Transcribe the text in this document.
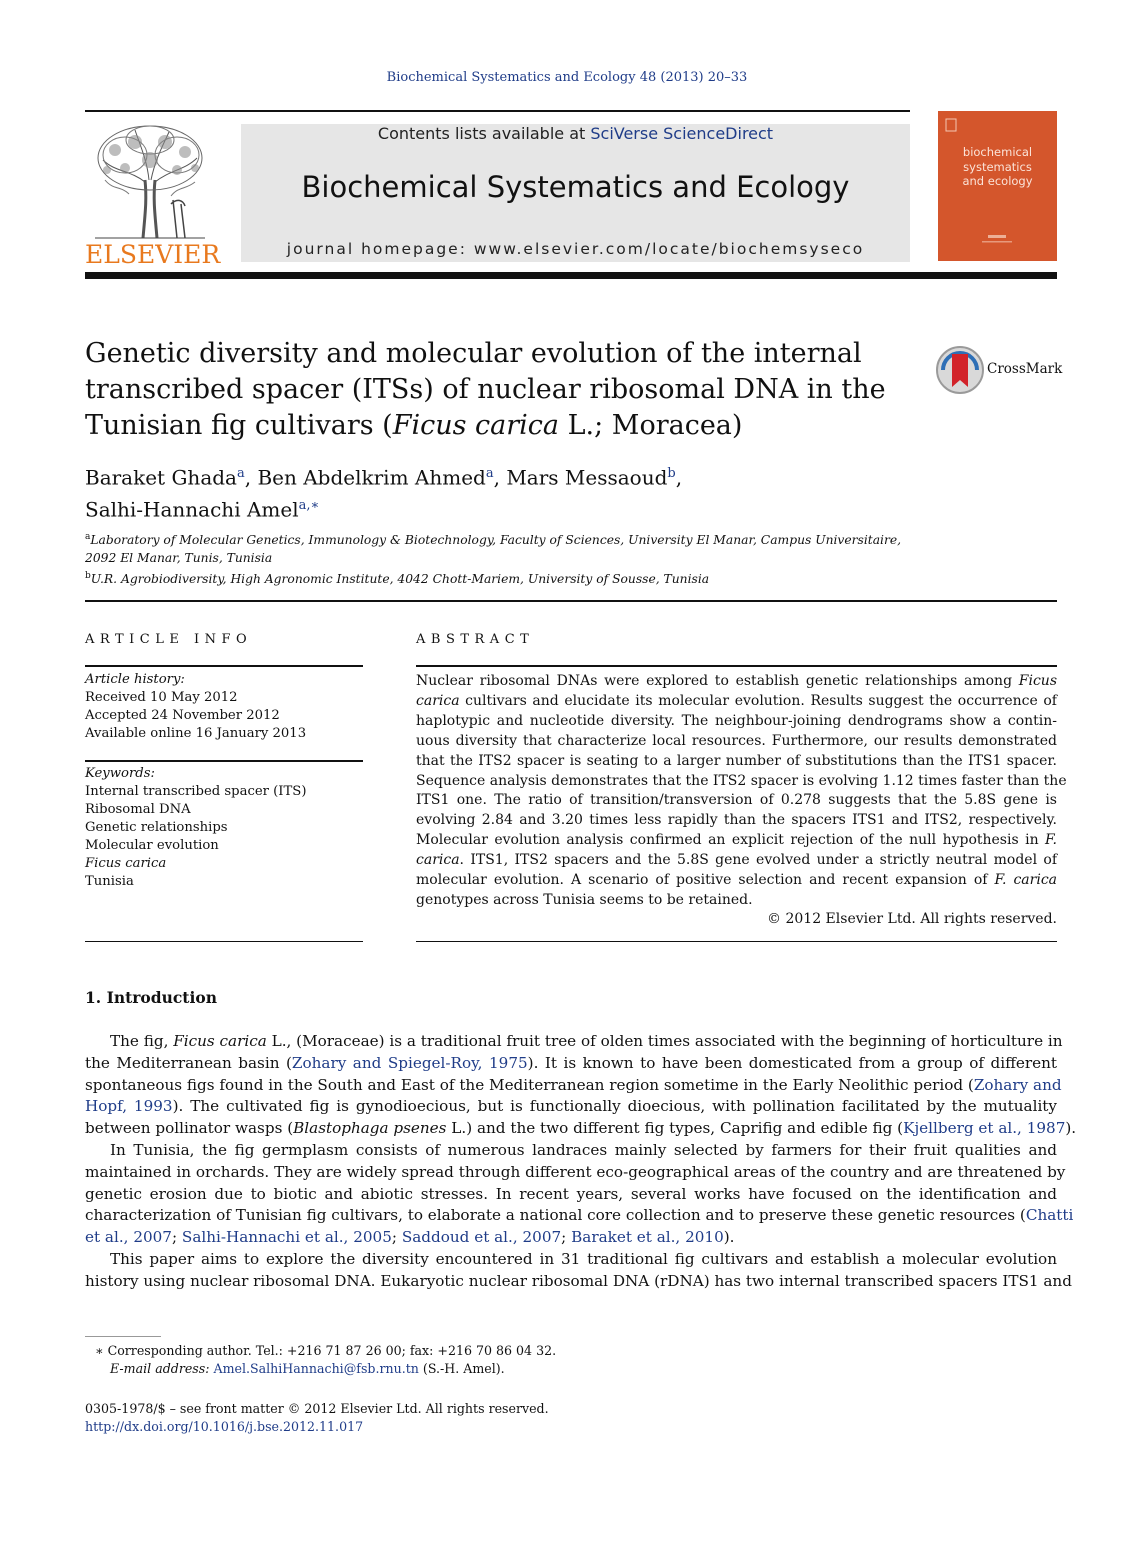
Biochemical Systematics and Ecology 48 (2013) 20–33
ELSEVIER
Contents lists available at SciVerse ScienceDirect
Biochemical Systematics and Ecology
journal homepage: www.elsevier.com/locate/biochemsyseco
biochemical
systematics
and ecology
Genetic diversity and molecular evolution of the internal
transcribed spacer (ITSs) of nuclear ribosomal DNA in the
Tunisian fig cultivars (Ficus carica L.; Moracea)
CrossMark
Baraket Ghada$^a$, Ben Abdelkrim Ahmed$^a$, Mars Messaoud$^b$,
Salhi-Hannachi Amel$^{a,∗}$
$^a$Laboratory of Molecular Genetics, Immunology & Biotechnology, Faculty of Sciences, University El Manar, Campus Universitaire,
2092 El Manar, Tunis, Tunisia
$^b$U.R. Agrobiodiversity, High Agronomic Institute, 4042 Chott-Mariem, University of Sousse, Tunisia
ARTICLE INFO
Article history:
Received 10 May 2012
Accepted 24 November 2012
Available online 16 January 2013
Keywords:
Internal transcribed spacer (ITS)
Ribosomal DNA
Genetic relationships
Molecular evolution
Ficus carica
Tunisia
ABSTRACT
Nuclear ribosomal DNAs were explored to establish genetic relationships among Ficus
carica cultivars and elucidate its molecular evolution. Results suggest the occurrence of
haplotypic and nucleotide diversity. The neighbour-joining dendrograms show a contin-
uous diversity that characterize local resources. Furthermore, our results demonstrated
that the ITS2 spacer is seating to a larger number of substitutions than the ITS1 spacer.
Sequence analysis demonstrates that the ITS2 spacer is evolving 1.12 times faster than the
ITS1 one. The ratio of transition/transversion of 0.278 suggests that the 5.8S gene is
evolving 2.84 and 3.20 times less rapidly than the spacers ITS1 and ITS2, respectively.
Molecular evolution analysis confirmed an explicit rejection of the null hypothesis in F.
carica. ITS1, ITS2 spacers and the 5.8S gene evolved under a strictly neutral model of
molecular evolution. A scenario of positive selection and recent expansion of F. carica
genotypes across Tunisia seems to be retained.
© 2012 Elsevier Ltd. All rights reserved.
1. Introduction
The fig, Ficus carica L., (Moraceae) is a traditional fruit tree of olden times associated with the beginning of horticulture in
the Mediterranean basin (Zohary and Spiegel-Roy, 1975). It is known to have been domesticated from a group of different
spontaneous figs found in the South and East of the Mediterranean region sometime in the Early Neolithic period (Zohary and
Hopf, 1993). The cultivated fig is gynodioecious, but is functionally dioecious, with pollination facilitated by the mutuality
between pollinator wasps (Blastophaga psenes L.) and the two different fig types, Caprifig and edible fig (Kjellberg et al., 1987).
In Tunisia, the fig germplasm consists of numerous landraces mainly selected by farmers for their fruit qualities and
maintained in orchards. They are widely spread through different eco-geographical areas of the country and are threatened by
genetic erosion due to biotic and abiotic stresses. In recent years, several works have focused on the identification and
characterization of Tunisian fig cultivars, to elaborate a national core collection and to preserve these genetic resources (Chatti
et al., 2007; Salhi-Hannachi et al., 2005; Saddoud et al., 2007; Baraket et al., 2010).
This paper aims to explore the diversity encountered in 31 traditional fig cultivars and establish a molecular evolution
history using nuclear ribosomal DNA. Eukaryotic nuclear ribosomal DNA (rDNA) has two internal transcribed spacers ITS1 and
∗ Corresponding author. Tel.: +216 71 87 26 00; fax: +216 70 86 04 32.
E-mail address: Amel.SalhiHannachi@fsb.rnu.tn (S.-H. Amel).
0305-1978/$ – see front matter © 2012 Elsevier Ltd. All rights reserved.
http://dx.doi.org/10.1016/j.bse.2012.11.017
